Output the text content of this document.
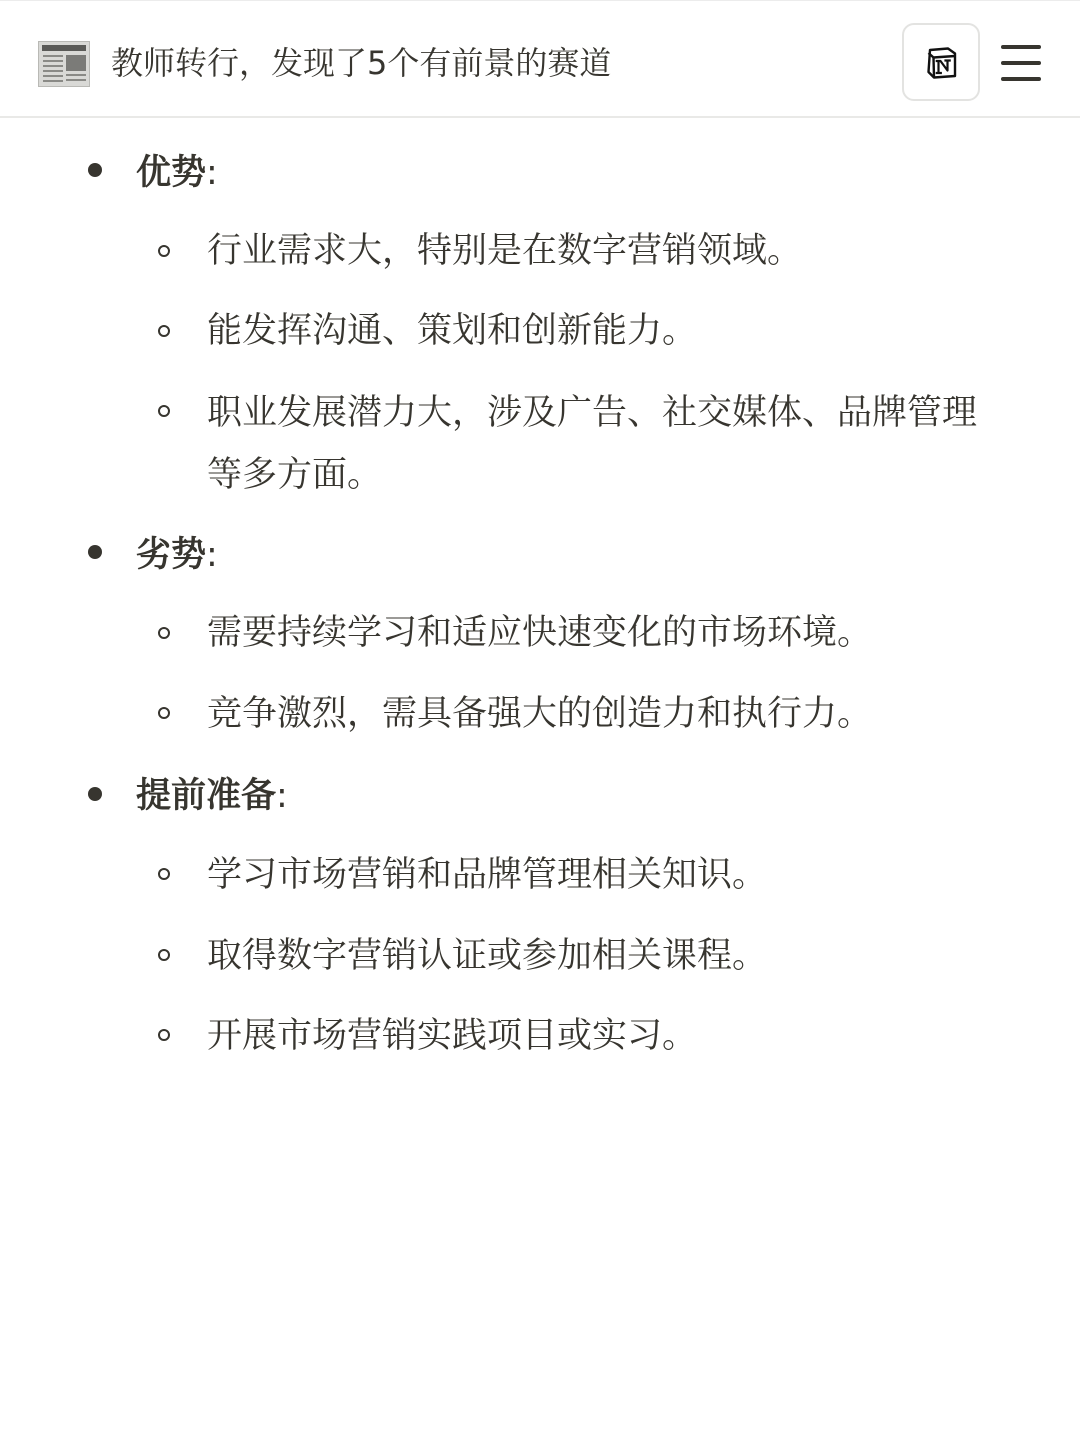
教师转行，发现了5个有前景的赛道
优势:
行业需求大，特别是在数字营销领域。
能发挥沟通、策划和创新能力。
职业发展潜力大，涉及广告、社交媒体、品牌管理等多方面。
劣势:
需要持续学习和适应快速变化的市场环境。
竞争激烈，需具备强大的创造力和执行力。
提前准备:
学习市场营销和品牌管理相关知识。
取得数字营销认证或参加相关课程。
开展市场营销实践项目或实习。
